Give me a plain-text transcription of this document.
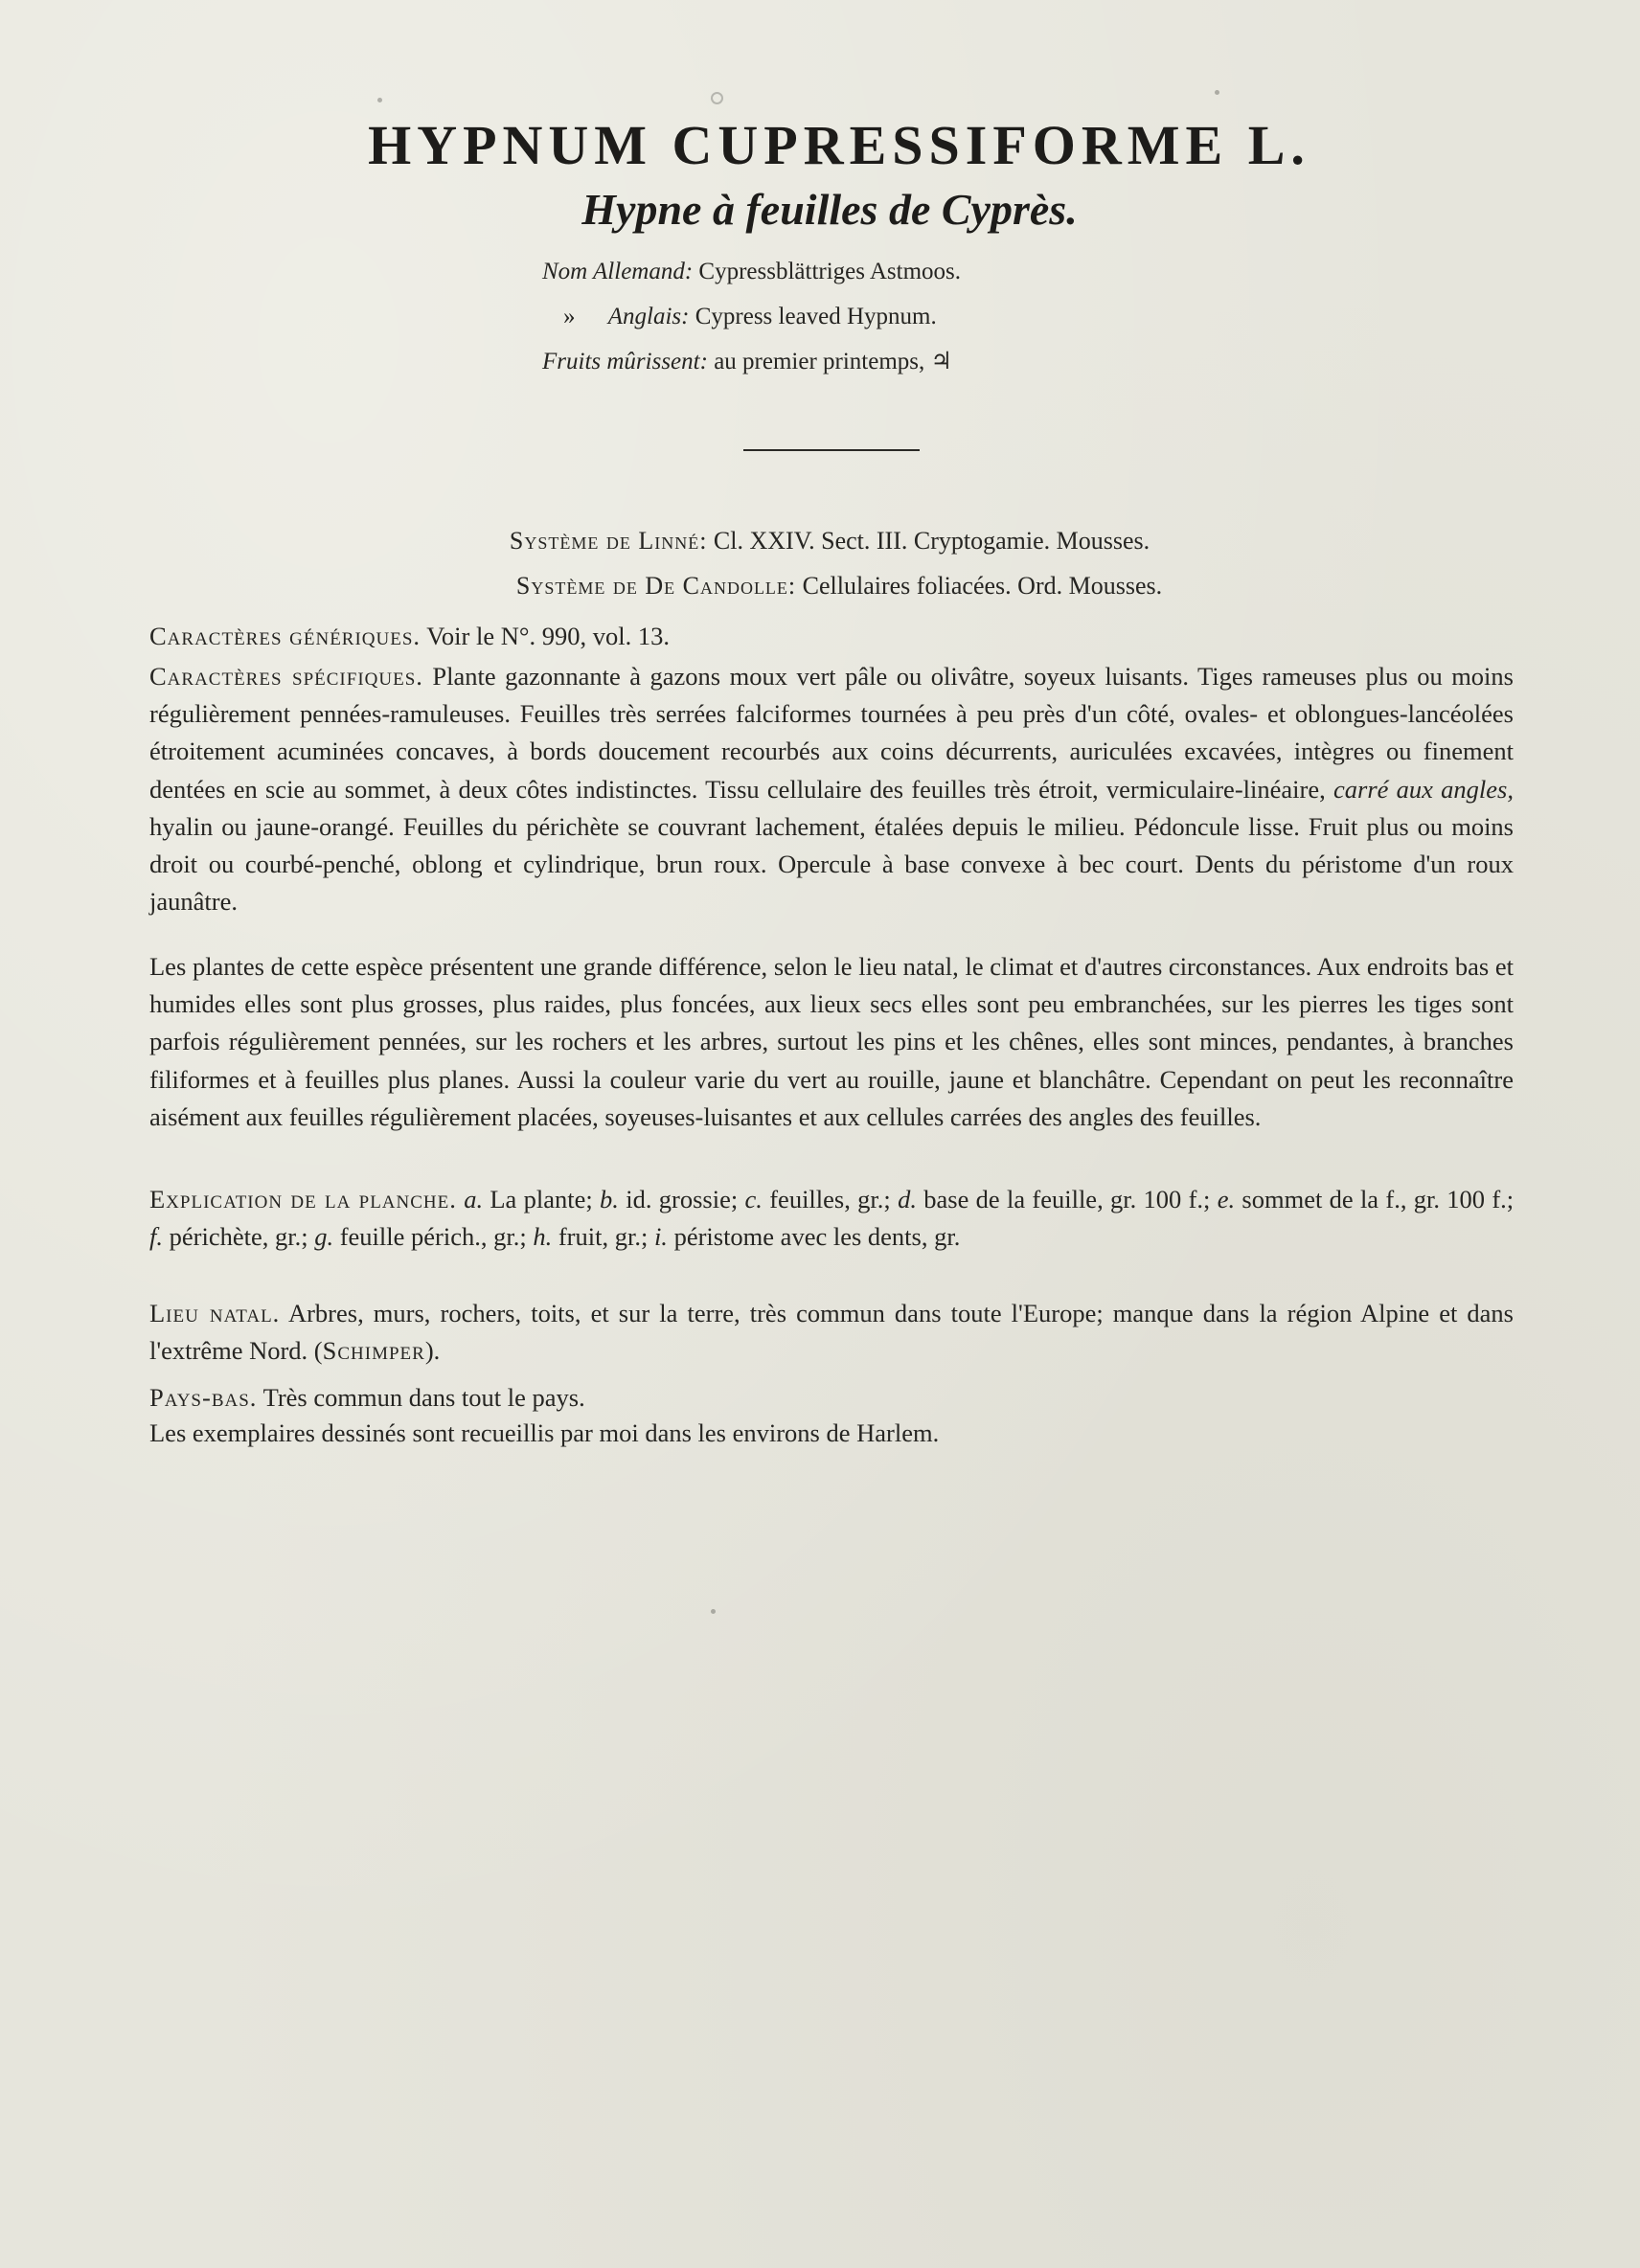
HYPNUM CUPRESSIFORME L.
Hypne à feuilles de Cyprès.
Nom Allemand: Cypressblättriges Astmoos.
» Anglais: Cypress leaved Hypnum.
Fruits mûrissent: au premier printemps, ♃
Système de Linné: Cl. XXIV. Sect. III. Cryptogamie. Mousses.
Système de De Candolle: Cellulaires foliacées. Ord. Mousses.

Caractères génériques. Voir le N°. 990, vol. 13.

Caractères spécifiques. Plante gazonnante à gazons moux vert pâle ou olivâtre, soyeux luisants. Tiges rameuses plus ou moins régulièrement pennées-ramuleuses. Feuilles très serrées falciformes tournées à peu près d'un côté, ovales- et oblongues-lancéolées étroitement acuminées concaves, à bords doucement recourbés aux coins décurrents, auriculées excavées, intègres ou finement dentées en scie au sommet, à deux côtes indistinctes. Tissu cellulaire des feuilles très étroit, vermiculaire-linéaire, carré aux angles, hyalin ou jaune-orangé. Feuilles du périchète se couvrant lachement, étalées depuis le milieu. Pédoncule lisse. Fruit plus ou moins droit ou courbé-penché, oblong et cylindrique, brun roux. Opercule à base convexe à bec court. Dents du péristome d'un roux jaunâtre.

Les plantes de cette espèce présentent une grande différence, selon le lieu natal, le climat et d'autres circonstances. Aux endroits bas et humides elles sont plus grosses, plus raides, plus foncées, aux lieux secs elles sont peu embranchées, sur les pierres les tiges sont parfois régulièrement pennées, sur les rochers et les arbres, surtout les pins et les chênes, elles sont minces, pendantes, à branches filiformes et à feuilles plus planes. Aussi la couleur varie du vert au rouille, jaune et blanchâtre. Cependant on peut les reconnaître aisément aux feuilles régulièrement placées, soyeuses-luisantes et aux cellules carrées des angles des feuilles.

Explication de la planche. a. La plante; b. id. grossie; c. feuilles, gr.; d. base de la feuille, gr. 100 f.; e. sommet de la f., gr. 100 f.; f. périchète, gr.; g. feuille périch., gr.; h. fruit, gr.; i. péristome avec les dents, gr.

Lieu natal. Arbres, murs, rochers, toits, et sur la terre, très commun dans toute l'Europe; manque dans la région Alpine et dans l'extrême Nord. (Schimper).

Pays-bas. Très commun dans tout le pays.

Les exemplaires dessinés sont recueillis par moi dans les environs de Harlem.
